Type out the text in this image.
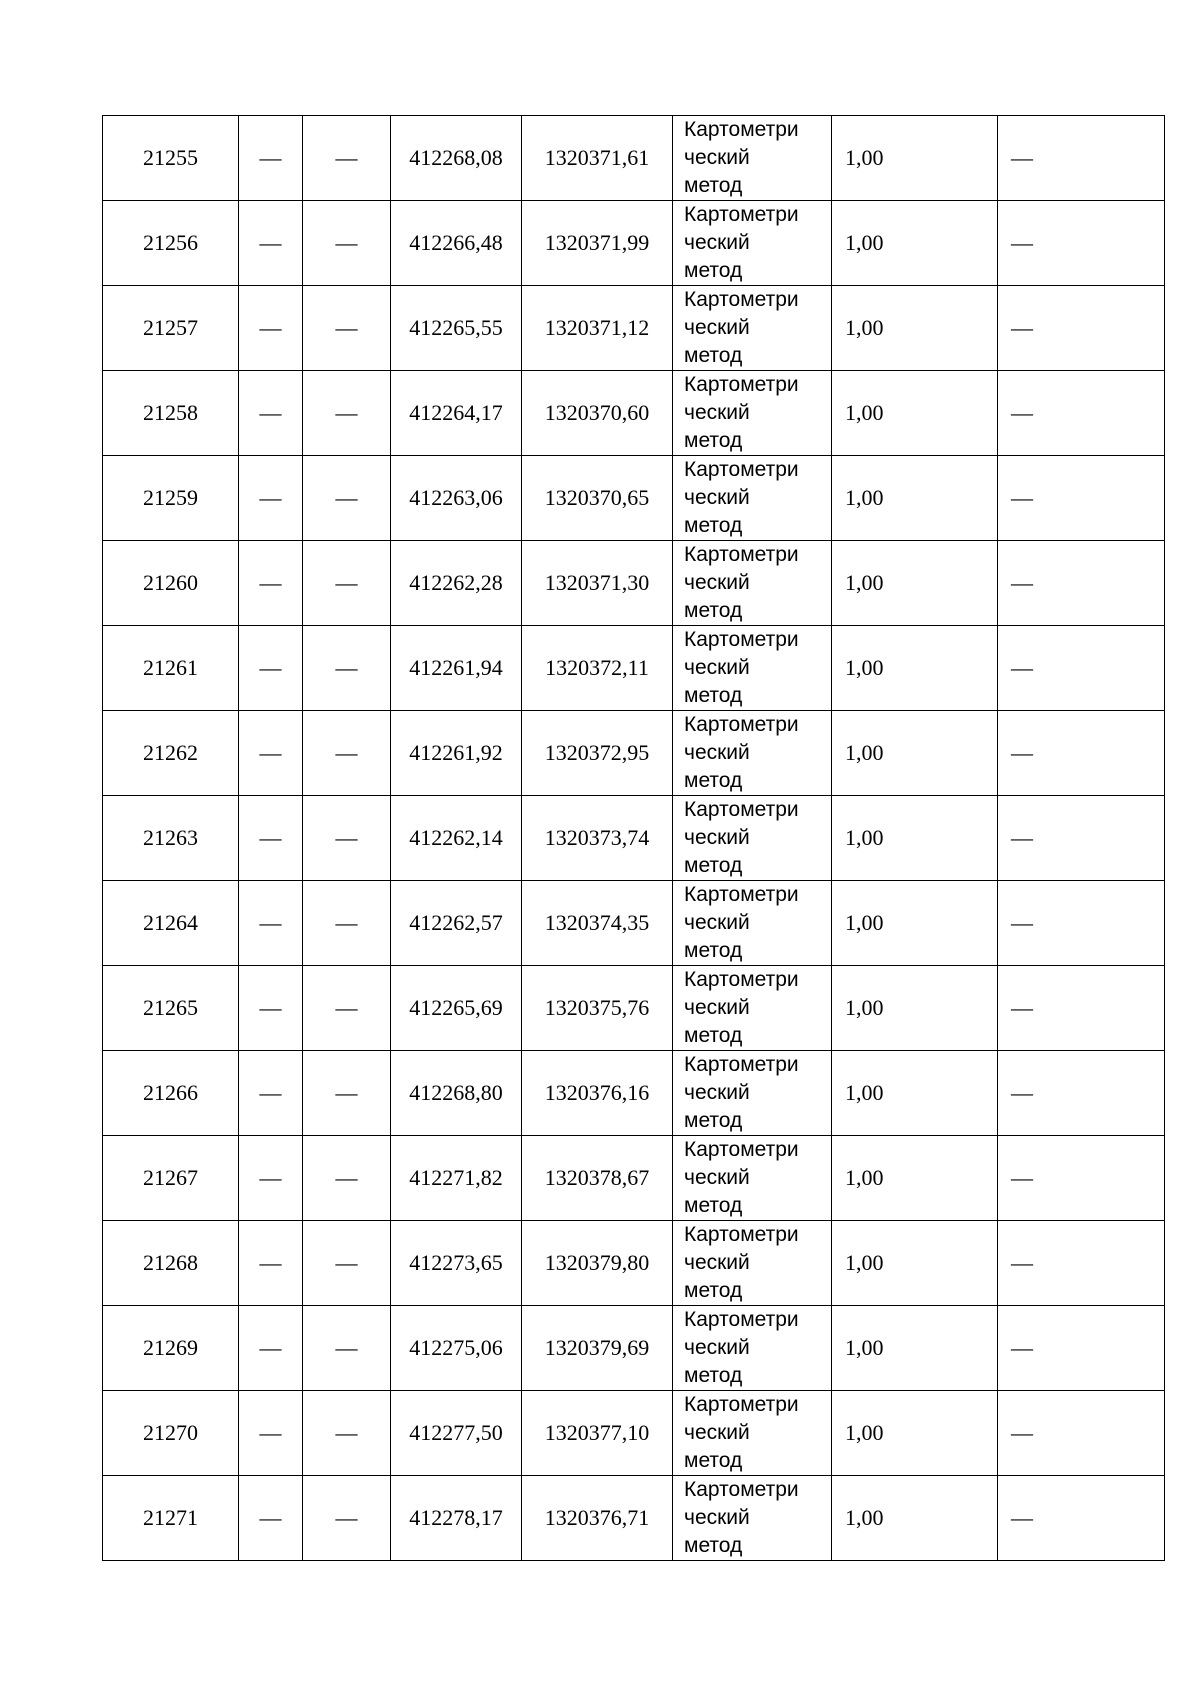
21255	—	—	412268,08	1320371,61	Картометри
ческий
метод	1,00	—
21256	—	—	412266,48	1320371,99	Картометри
ческий
метод	1,00	—
21257	—	—	412265,55	1320371,12	Картометри
ческий
метод	1,00	—
21258	—	—	412264,17	1320370,60	Картометри
ческий
метод	1,00	—
21259	—	—	412263,06	1320370,65	Картометри
ческий
метод	1,00	—
21260	—	—	412262,28	1320371,30	Картометри
ческий
метод	1,00	—
21261	—	—	412261,94	1320372,11	Картометри
ческий
метод	1,00	—
21262	—	—	412261,92	1320372,95	Картометри
ческий
метод	1,00	—
21263	—	—	412262,14	1320373,74	Картометри
ческий
метод	1,00	—
21264	—	—	412262,57	1320374,35	Картометри
ческий
метод	1,00	—
21265	—	—	412265,69	1320375,76	Картометри
ческий
метод	1,00	—
21266	—	—	412268,80	1320376,16	Картометри
ческий
метод	1,00	—
21267	—	—	412271,82	1320378,67	Картометри
ческий
метод	1,00	—
21268	—	—	412273,65	1320379,80	Картометри
ческий
метод	1,00	—
21269	—	—	412275,06	1320379,69	Картометри
ческий
метод	1,00	—
21270	—	—	412277,50	1320377,10	Картометри
ческий
метод	1,00	—
21271	—	—	412278,17	1320376,71	Картометри
ческий
метод	1,00	—
